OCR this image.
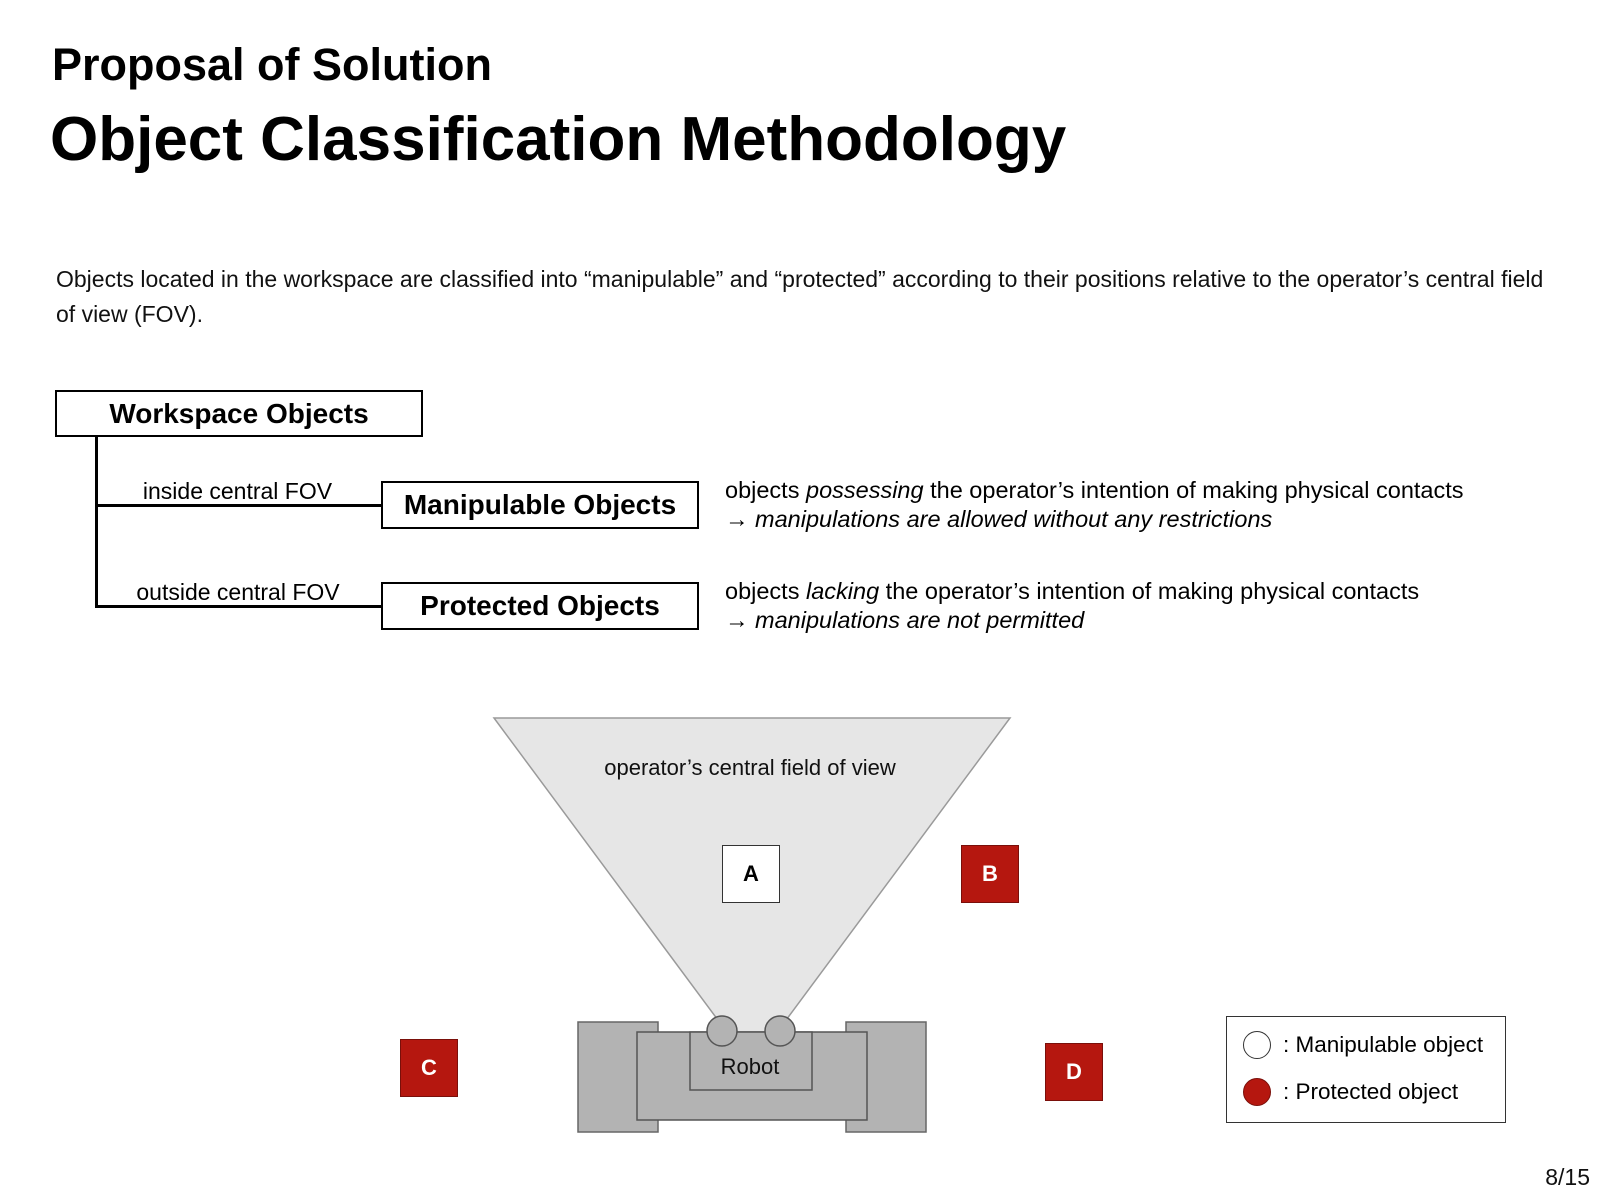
Proposal of Solution
Object Classification Methodology
Objects located in the workspace are classified into “manipulable” and “protected” according to their positions relative to the operator’s central field of view (FOV).
Workspace Objects
inside central FOV
outside central FOV
Manipulable Objects
Protected Objects
objects possessing the operator’s intention of making physical contacts
→ manipulations are allowed without any restrictions
objects lacking the operator’s intention of making physical contacts
→ manipulations are not permitted
operator’s central field of view
Robot
A	B
C	D
: Manipulable object
: Protected object
8/15
